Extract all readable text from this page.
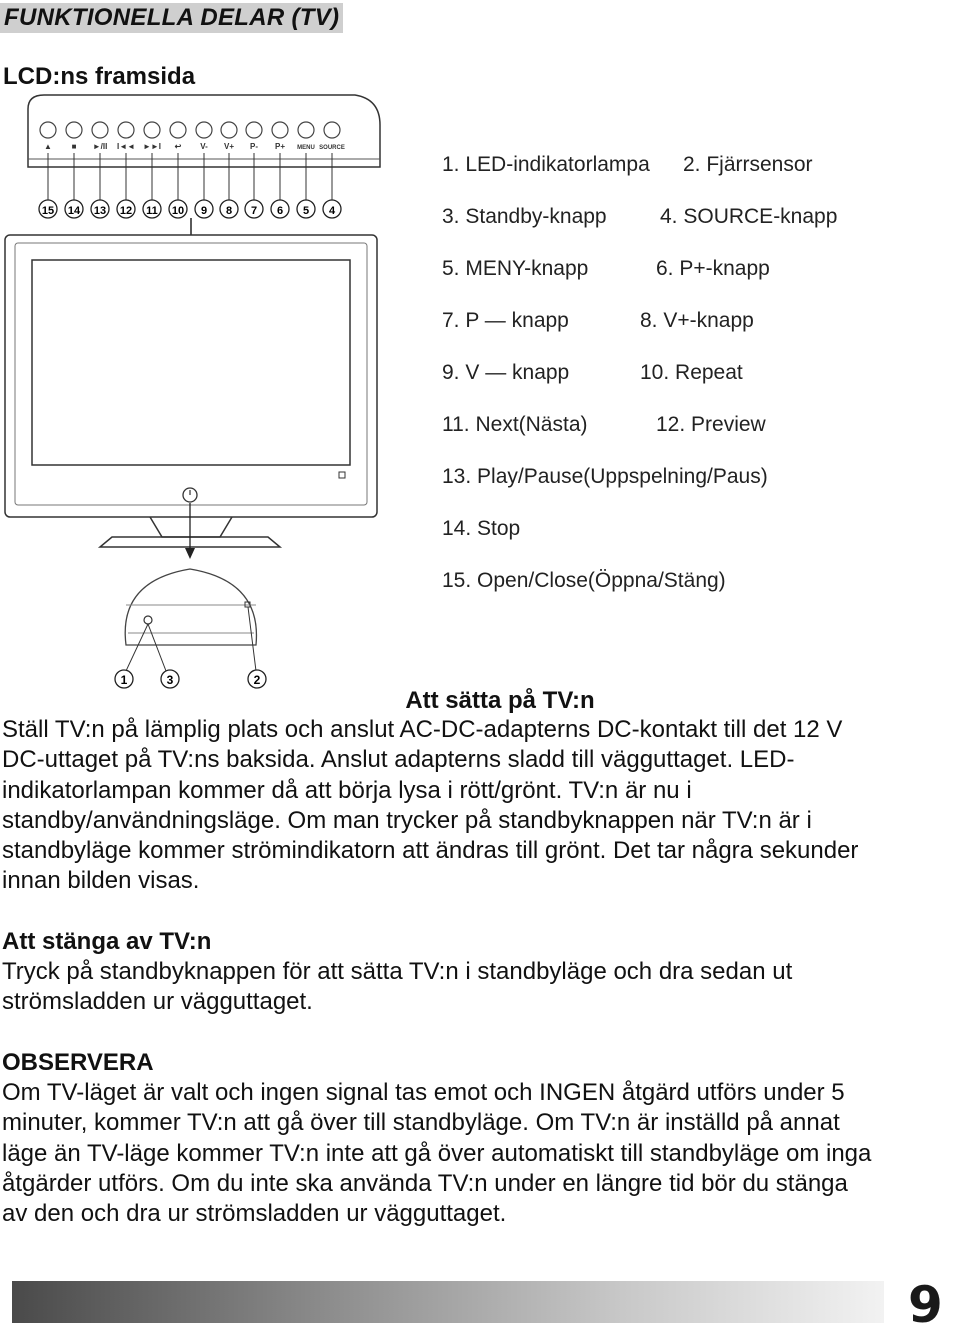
FUNKTIONELLA DELAR (TV)
LCD:ns framsida
▲ ■ ►/II I◄◄ ►►I ↩ V- V+ P- P+ MENU SOURCE
15 14 13 12 11 10 9 8 7 6 5 4
1	3	2
1. LED-indikatorlampa 2. Fjärrsensor
3. Standby-knapp	4. SOURCE-knapp
5. MENY-knapp	6. P+-knapp
7. P — knapp	8. V+-knapp
9. V — knapp	10. Repeat
11. Next(Nästa)	12. Preview
13. Play/Pause(Uppspelning/Paus)
14. Stop
15. Open/Close(Öppna/Stäng)
Att sätta på TV:n
Ställ TV:n på lämplig plats och anslut AC-DC-adapterns DC-kontakt till det 12 V
DC-uttaget på TV:ns baksida. Anslut adapterns sladd till vägguttaget. LED-
indikatorlampan kommer då att börja lysa i rött/grönt. TV:n är nu i
standby/användningsläge. Om man trycker på standbyknappen när TV:n är i
standbyläge kommer strömindikatorn att ändras till grönt. Det tar några sekunder
innan bilden visas.
Att stänga av TV:n
Tryck på standbyknappen för att sätta TV:n i standbyläge och dra sedan ut
strömsladden ur vägguttaget.
OBSERVERA
Om TV-läget är valt och ingen signal tas emot och INGEN åtgärd utförs under 5
minuter, kommer TV:n att gå över till standbyläge. Om TV:n är inställd på annat
läge än TV-läge kommer TV:n inte att gå över automatiskt till standbyläge om inga
åtgärder utförs. Om du inte ska använda TV:n under en längre tid bör du stänga
av den och dra ur strömsladden ur vägguttaget.
9
